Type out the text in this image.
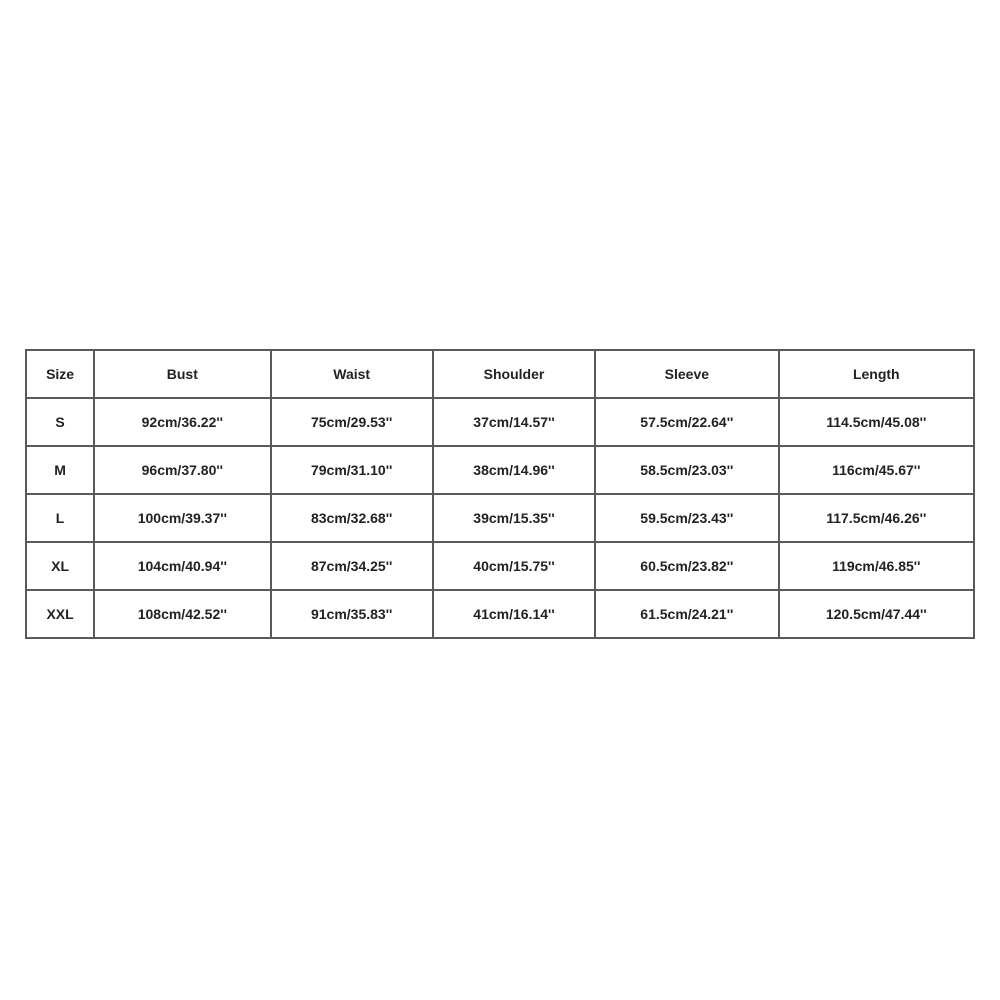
Size	Bust	Waist	Shoulder	Sleeve	Length
S	92cm/36.22''	75cm/29.53''	37cm/14.57''	57.5cm/22.64''	114.5cm/45.08''
M	96cm/37.80''	79cm/31.10''	38cm/14.96''	58.5cm/23.03''	116cm/45.67''
L	100cm/39.37''	83cm/32.68''	39cm/15.35''	59.5cm/23.43''	117.5cm/46.26''
XL	104cm/40.94''	87cm/34.25''	40cm/15.75''	60.5cm/23.82''	119cm/46.85''
XXL	108cm/42.52''	91cm/35.83''	41cm/16.14''	61.5cm/24.21''	120.5cm/47.44''
